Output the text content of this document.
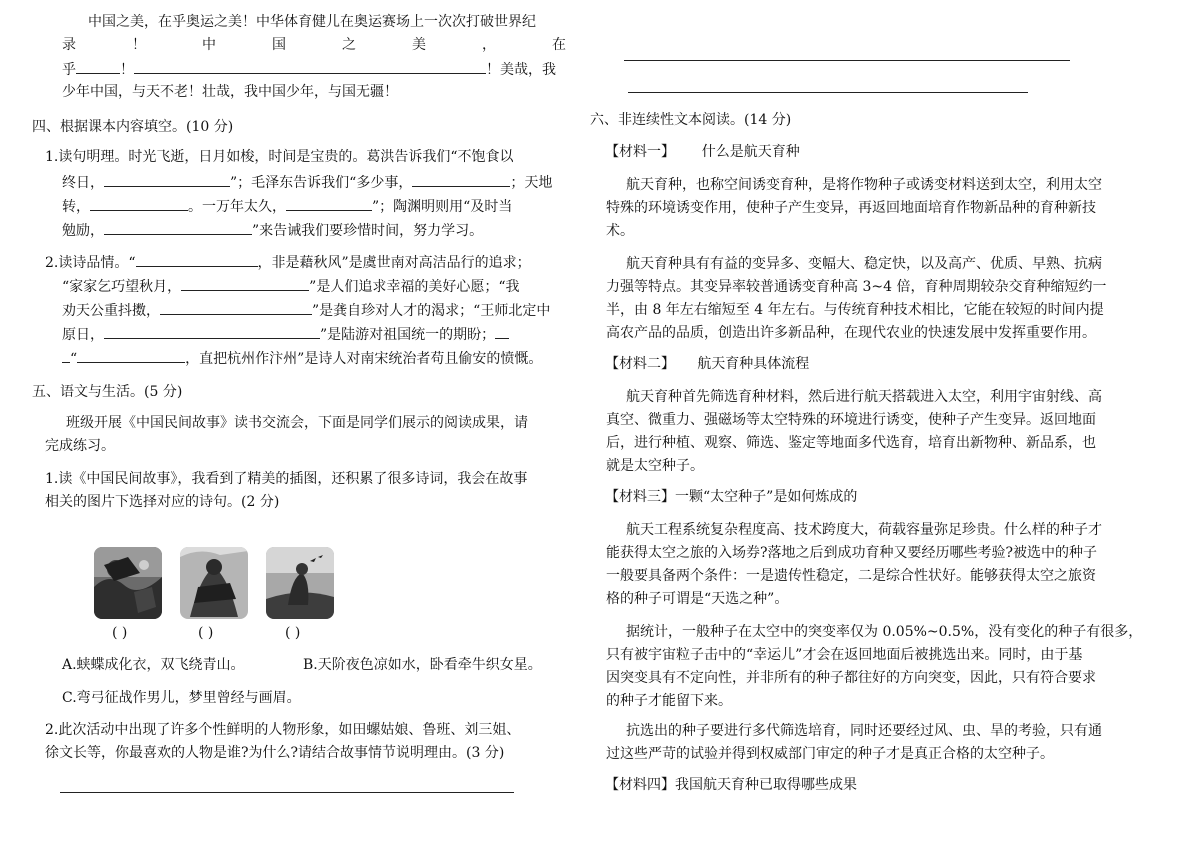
中国之美，在乎奥运之美！中华体育健儿在奥运赛场上一次次打破世界纪
录	！	中	国	之	美	，	在
乎	！	！美哉，我
少年中国，与天不老！壮哉，我中国少年，与国无疆！
四、根据课本内容填空。(10 分)
1.读句明理。时光飞逝，日月如梭，时间是宝贵的。葛洪告诉我们“不饱食以
终日，	”；毛泽东告诉我们“多少事，	；天地
转，	。一万年太久，	”；陶渊明则用“及时当
勉励，	”来告诫我们要珍惜时间，努力学习。
2.读诗品情。“	，非是藉秋风”是虞世南对高洁品行的追求；
“家家乞巧望秋月，	”是人们追求幸福的美好心愿；“我
劝天公重抖擞，	”是龚自珍对人才的渴求；“王师北定中
原日，	”是陆游对祖国统一的期盼；
“	，直把杭州作汴州”是诗人对南宋统治者苟且偷安的愤慨。
五、语文与生活。(5 分)
班级开展《中国民间故事》读书交流会，下面是同学们展示的阅读成果，请
完成练习。
1.读《中国民间故事》，我看到了精美的插图，还积累了很多诗词，我会在故事
相关的图片下选择对应的诗句。(2 分)
( )	( )	( )
A.蛱蝶成化衣，双飞绕青山。	B.天阶夜色凉如水，卧看牵牛织女星。
C.弯弓征战作男儿，梦里曾经与画眉。
2.此次活动中出现了许多个性鲜明的人物形象，如田螺姑娘、鲁班、刘三姐、
徐文长等，你最喜欢的人物是谁?为什么?请结合故事情节说明理由。(3 分)
六、非连续性文本阅读。(14 分)
【材料一】      什么是航天育种
航天育种，也称空间诱变育种，是将作物种子或诱变材料送到太空，利用太空
特殊的环境诱变作用，使种子产生变异，再返回地面培育作物新品种的育种新技
术。
航天育种具有有益的变异多、变幅大、稳定快，以及高产、优质、早熟、抗病
力强等特点。其变异率较普通诱变育种高 3~4 倍，育种周期较杂交育种缩短约一
半，由 8 年左右缩短至 4 年左右。与传统育种技术相比，它能在较短的时间内提
高农产品的品质，创造出许多新品种，在现代农业的快速发展中发挥重要作用。
【材料二】     航天育种具体流程
航天育种首先筛选育种材料，然后进行航天搭载进入太空，利用宇宙射线、高
真空、微重力、强磁场等太空特殊的环境进行诱变，使种子产生变异。返回地面
后，进行种植、观察、筛选、鉴定等地面多代选育，培育出新物种、新品系，也
就是太空种子。
【材料三】一颗“太空种子”是如何炼成的
航天工程系统复杂程度高、技术跨度大，荷载容量弥足珍贵。什么样的种子才
能获得太空之旅的入场券?落地之后到成功育种又要经历哪些考验?被选中的种子
一般要具备两个条件：一是遗传性稳定，二是综合性状好。能够获得太空之旅资
格的种子可谓是“天选之种”。
据统计，一般种子在太空中的突变率仅为 0.05%~0.5%，没有变化的种子有很多，
只有被宇宙粒子击中的“幸运儿”才会在返回地面后被挑选出来。同时，由于基
因突变具有不定向性，并非所有的种子都往好的方向突变，因此，只有符合要求
的种子才能留下来。
抗选出的种子要进行多代筛选培育，同时还要经过风、虫、旱的考验，只有通
过这些严苛的试验并得到权威部门审定的种子才是真正合格的太空种子。
【材料四】我国航天育种已取得哪些成果
